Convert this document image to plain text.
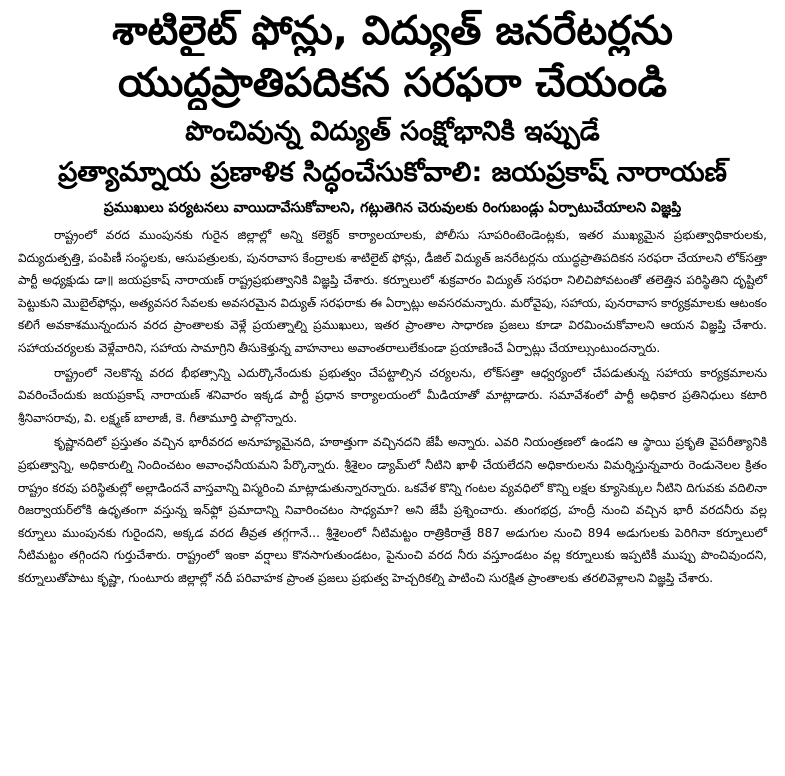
శాటిలైట్ ఫోన్లు, విద్యుత్ జనరేటర్లను
యుద్ధప్రాతిపదికన సరఫరా చేయండి
పొంచివున్న విద్యుత్ సంక్షోభానికి ఇప్పుడే
ప్రత్యామ్నాయ ప్రణాళిక సిద్ధంచేసుకోవాలి: జయప్రకాష్ నారాయణ్
ప్రముఖులు పర్యటనలు వాయిదావేసుకోవాలని, గట్లుతెగిన చెరువులకు రింగుబండ్లు ఏర్పాటుచేయాలని విజ్ఞప్తి

రాష్ట్రంలో వరద ముంపునకు గురైన జిల్లాల్లో అన్ని కలెక్టర్ కార్యాలయాలకు, పోలీసు సూపరింటెండెంట్లకు, ఇతర ముఖ్యమైన ప్రభుత్వాధికారులకు, విద్యుదుత్పత్తి, పంపిణీ సంస్థలకు, ఆసుపత్రులకు, పునరావాస కేంద్రాలకు శాటిలైట్ ఫోన్లు, డీజిల్ విద్యుత్ జనరేటర్లను యుద్ధప్రాతిపదికన సరఫరా చేయాలని లోక్‌సత్తా పార్టీ అధ్యక్షుడు డా॥ జయప్రకాష్ నారాయణ్ రాష్ట్రప్రభుత్వానికి విజ్ఞప్తి చేశారు. కర్నూలులో శుక్రవారం విద్యుత్ సరఫరా నిలిచిపోవటంతో తలెత్తిన పరిస్థితిని దృష్టిలో పెట్టుకుని మొబైల్‌ఫోన్లు, అత్యవసర సేవలకు అవసరమైన విద్యుత్ సరఫరాకు ఈ ఏర్పాట్లు అవసరమన్నారు. మరోవైపు, సహాయ, పునరావాస కార్యక్రమాలకు ఆటంకం కలిగే అవకాశమున్నందున వరద ప్రాంతాలకు వెళ్లే ప్రయత్నాల్ని ప్రముఖులు, ఇతర ప్రాంతాల సాధారణ ప్రజలు కూడా విరమించుకోవాలని ఆయన విజ్ఞప్తి చేశారు. సహాయచర్యలకు వెళ్లేవారిని, సహాయ సామాగ్రిని తీసుకెళ్తున్న వాహనాలు అవాంతరాలులేకుండా ప్రయాణించే ఏర్పాట్లు చేయాల్సుంటుందన్నారు.

రాష్ట్రంలో నెలకొన్న వరద భీభత్సాన్ని ఎదుర్కొనేందుకు ప్రభుత్వం చేపట్టాల్సిన చర్యలను, లోక్‌సత్తా ఆధ్వర్యంలో చేపడుతున్న సహాయ కార్యక్రమాలను వివరించేందుకు జయప్రకాష్ నారాయణ్ శనివారం ఇక్కడ పార్టీ ప్రధాన కార్యాలయంలో మీడియాతో మాట్లాడారు. సమావేశంలో పార్టీ అధికార ప్రతినిధులు కటారి శ్రీనివాసరావు, వి. లక్ష్మణ్ బాలాజీ, కె. గీతామూర్తి పాల్గొన్నారు.

కృష్ణానదిలో ప్రస్తుతం వచ్చిన భారీవరద అనూహ్యమైనది, హఠాత్తుగా వచ్చినదని జేపీ అన్నారు. ఎవరి నియంత్రణలో ఉండని ఆ స్థాయి ప్రకృతి వైపరీత్యానికి ప్రభుత్వాన్ని, అధికారుల్ని నిందించటం అవాంఛనీయమని పేర్కొన్నారు. శ్రీశైలం డ్యామ్‌లో నీటిని ఖాళీ చేయలేదని అధికారులను విమర్శిస్తున్నవారు రెండునెలల క్రితం రాష్ట్రం కరవు పరిస్థితుల్లో అల్లాడిందనే వాస్తవాన్ని విస్మరించి మాట్లాడుతున్నారన్నారు. ఒకవేళ కొన్ని గంటల వ్యవధిలో కొన్ని లక్షల క్యూసెక్కుల నీటిని దిగువకు వదిలినా రిజర్వాయర్‌లోకి ఉధృతంగా వస్తున్న ఇన్‌ఫ్లో ప్రమాదాన్ని నివారించటం సాధ్యమా? అని జేపీ ప్రశ్నించారు. తుంగభద్ర, హంద్రీ నుంచి వచ్చిన భారీ వరదనీరు వల్ల కర్నూలు ముంపునకు గురైందని, అక్కడ వరద తీవ్రత తగ్గగానే... శ్రీశైలంలో నీటిమట్టం రాత్రికిరాత్రే 887 అడుగుల నుంచి 894 అడుగులకు పెరిగినా కర్నూలులో నీటిమట్టం తగ్గిందని గుర్తుచేశారు. రాష్ట్రంలో ఇంకా వర్షాలు కొనసాగుతుండటం, పైనుంచి వరద నీరు వస్తూండటం వల్ల కర్నూలుకు ఇప్పటికీ ముప్పు పొంచివుందని, కర్నూలుతోపాటు కృష్ణా, గుంటూరు జిల్లాల్లో నదీ పరివాహక ప్రాంత ప్రజలు ప్రభుత్వ హెచ్చరికల్ని పాటించి సురక్షిత ప్రాంతాలకు తరలివెళ్లాలని విజ్ఞప్తి చేశారు.
